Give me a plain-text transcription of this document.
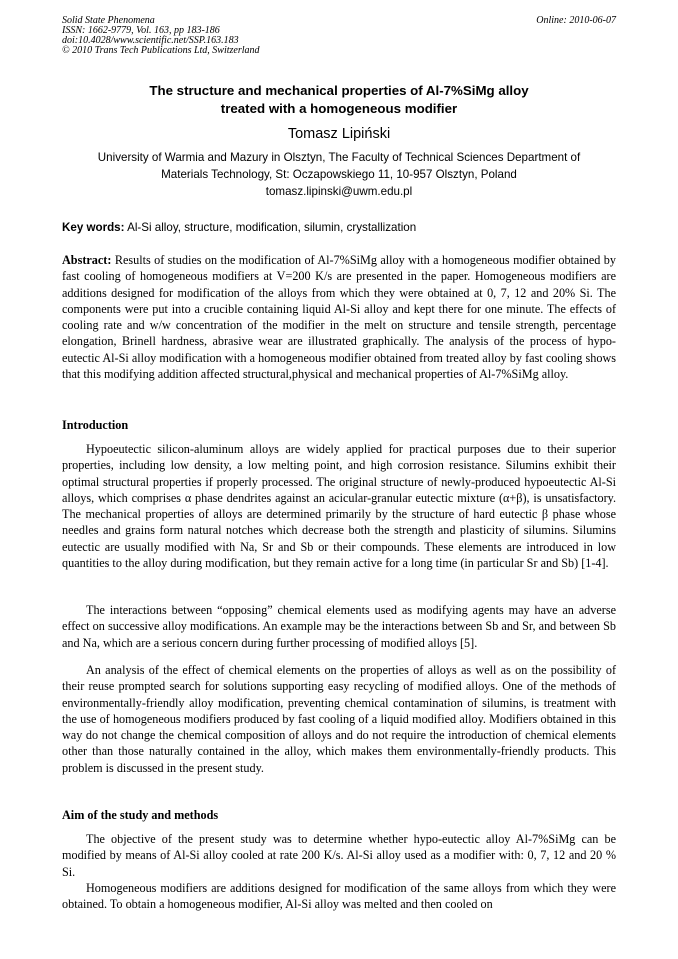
Solid State Phenomena
ISSN: 1662-9779, Vol. 163, pp 183-186
doi:10.4028/www.scientific.net/SSP.163.183
© 2010 Trans Tech Publications Ltd, Switzerland
Online: 2010-06-07
The structure and mechanical properties of Al-7%SiMg alloy
treated with a homogeneous modifier
Tomasz Lipiński
University of Warmia and Mazury in Olsztyn, The Faculty of Technical Sciences Department of
Materials Technology, St: Oczapowskiego 11, 10-957 Olsztyn, Poland
tomasz.lipinski@uwm.edu.pl
Key words: Al-Si alloy, structure, modification, silumin, crystallization

Abstract: Results of studies on the modification of Al-7%SiMg alloy with a homogeneous modifier obtained by fast cooling of homogeneous modifiers at V=200 K/s are presented in the paper. Homogeneous modifiers are additions designed for modification of the alloys from which they were obtained at 0, 7, 12 and 20% Si. The components were put into a crucible containing liquid Al-Si alloy and kept there for one minute. The effects of cooling rate and w/w concentration of the modifier in the melt on structure and tensile strength, percentage elongation, Brinell hardness, abrasive wear are illustrated graphically. The analysis of the process of hypo-eutectic Al-Si alloy modification with a homogeneous modifier obtained from treated alloy by fast cooling shows that this modifying addition affected structural,physical and mechanical properties of Al-7%SiMg alloy.

Introduction

Hypoeutectic silicon-aluminum alloys are widely applied for practical purposes due to their superior properties, including low density, a low melting point, and high corrosion resistance. Silumins exhibit their optimal structural properties if properly processed. The original structure of newly-produced hypoeutectic Al-Si alloys, which comprises α phase dendrites against an acicular-granular eutectic mixture (α+β), is unsatisfactory. The mechanical properties of alloys are determined primarily by the structure of hard eutectic β phase whose needles and grains form natural notches which decrease both the strength and plasticity of silumins. Silumins eutectic are usually modified with Na, Sr and Sb or their compounds. These elements are introduced in low quantities to the alloy during modification, but they remain active for a long time (in particular Sr and Sb) [1-4].

The interactions between “opposing” chemical elements used as modifying agents may have an adverse effect on successive alloy modifications. An example may be the interactions between Sb and Sr, and between Sb and Na, which are a serious concern during further processing of modified alloys [5].

An analysis of the effect of chemical elements on the properties of alloys as well as on the possibility of their reuse prompted search for solutions supporting easy recycling of modified alloys. One of the methods of environmentally-friendly alloy modification, preventing chemical contamination of silumins, is treatment with the use of homogeneous modifiers produced by fast cooling of a liquid modified alloy. Modifiers obtained in this way do not change the chemical composition of alloys and do not require the introduction of chemical elements other than those naturally contained in the alloy, which makes them environmentally-friendly products. This problem is discussed in the present study.

Aim of the study and methods

The objective of the present study was to determine whether hypo-eutectic alloy Al-7%SiMg can be modified by means of Al-Si alloy cooled at rate 200 K/s. Al-Si alloy used as a modifier with: 0, 7, 12 and 20 % Si.

Homogeneous modifiers are additions designed for modification of the same alloys from which they were obtained. To obtain a homogeneous modifier, Al-Si alloy was melted and then cooled on
